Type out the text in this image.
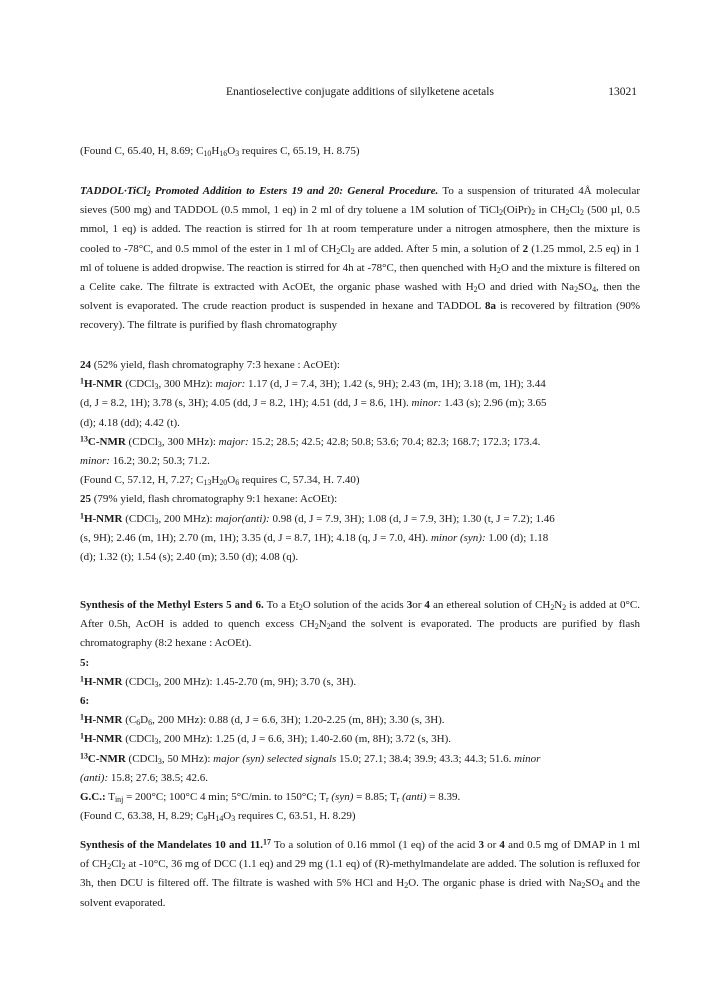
Enantioselective conjugate additions of silylketene acetals	13021

(Found C, 65.40, H, 8.69; $C_{10}H_{16}O_3$ requires C, 65.19, H. 8.75)

TADDOL·TiCl$_2$ Promoted Addition to Esters 19 and 20: General Procedure. To a suspension of triturated 4Å molecular sieves (500 mg) and TADDOL (0.5 mmol, 1 eq) in 2 ml of dry toluene a 1M solution of $TiCl_2(OiPr)_2$ in $CH_2Cl_2$ (500 µl, 0.5 mmol, 1 eq) is added. The reaction is stirred for 1h at room temperature under a nitrogen atmosphere, then the mixture is cooled to -78°C, and 0.5 mmol of the ester in 1 ml of $CH_2Cl_2$ are added. After 5 min, a solution of 2 (1.25 mmol, 2.5 eq) in 1 ml of toluene is added dropwise. The reaction is stirred for 4h at -78°C, then quenched with $H_2O$ and the mixture is filtered on a Celite cake. The filtrate is extracted with AcOEt, the organic phase washed with $H_2O$ and dried with $Na_2SO_4$, then the solvent is evaporated. The crude reaction product is suspended in hexane and TADDOL 8a is recovered by filtration (90% recovery). The filtrate is purified by flash chromatography

24 (52% yield, flash chromatography 7:3 hexane : AcOEt):

$^1$H-NMR (CDCl$_3$, 300 MHz): major: 1.17 (d, J = 7.4, 3H); 1.42 (s, 9H); 2.43 (m, 1H); 3.18 (m, 1H); 3.44

(d, J = 8.2, 1H); 3.78 (s, 3H); 4.05 (dd, J = 8.2, 1H); 4.51 (dd, J = 8.6, 1H). minor: 1.43 (s); 2.96 (m); 3.65

(d); 4.18 (dd); 4.42 (t).

$^{13}$C-NMR (CDCl$_3$, 300 MHz): major: 15.2; 28.5; 42.5; 42.8; 50.8; 53.6; 70.4; 82.3; 168.7; 172.3; 173.4.

minor: 16.2; 30.2; 50.3; 71.2.

(Found C, 57.12, H, 7.27; $C_{13}H_{20}O_6$ requires C, 57.34, H. 7.40)

25 (79% yield, flash chromatography 9:1 hexane: AcOEt):

$^1$H-NMR (CDCl$_3$, 200 MHz): major(anti): 0.98 (d, J = 7.9, 3H); 1.08 (d, J = 7.9, 3H); 1.30 (t, J = 7.2); 1.46

(s, 9H); 2.46 (m, 1H); 2.70 (m, 1H); 3.35 (d, J = 8.7, 1H); 4.18 (q, J = 7.0, 4H). minor (syn): 1.00 (d); 1.18

(d); 1.32 (t); 1.54 (s); 2.40 (m); 3.50 (d); 4.08 (q).

Synthesis of the Methyl Esters 5 and 6. To a $Et_2O$ solution of the acids 3or 4 an ethereal solution of $CH_2N_2$ is added at 0°C. After 0.5h, AcOH is added to quench excess $CH_2N_2and$ the solvent is evaporated. The products are purified by flash chromatography (8:2 hexane : AcOEt).

5:

$^1$H-NMR (CDCl$_3$, 200 MHz): 1.45-2.70 (m, 9H); 3.70 (s, 3H).

6:

$^1$H-NMR ($C_6D_6$, 200 MHz): 0.88 (d, J = 6.6, 3H); 1.20-2.25 (m, 8H); 3.30 (s, 3H).

$^1$H-NMR (CDCl$_3$, 200 MHz): 1.25 (d, J = 6.6, 3H); 1.40-2.60 (m, 8H); 3.72 (s, 3H).

$^{13}$C-NMR (CDCl$_3$, 50 MHz): major (syn) selected signals 15.0; 27.1; 38.4; 39.9; 43.3; 44.3; 51.6. minor

(anti): 15.8; 27.6; 38.5; 42.6.

G.C.: $T_{inj} = 200^\circ C$; 100°C 4 min; 5°C/min. to 150°C; $T_r$ (syn) = 8.85; $T_r$ (anti) = 8.39.

(Found C, 63.38, H, 8.29; $C_9H_{14}O_3$ requires C, 63.51, H. 8.29)

Synthesis of the Mandelates 10 and 11.17 To a solution of 0.16 mmol (1 eq) of the acid 3 or 4 and 0.5 mg of DMAP in 1 ml of $CH_2Cl_2$ at -10°C, 36 mg of DCC (1.1 eq) and 29 mg (1.1 eq) of (R)-methylmandelate are added. The solution is refluxed for 3h, then DCU is filtered off. The filtrate is washed with 5% HCl and $H_2O$. The organic phase is dried with $Na_2SO_4$ and the solvent evaporated.
